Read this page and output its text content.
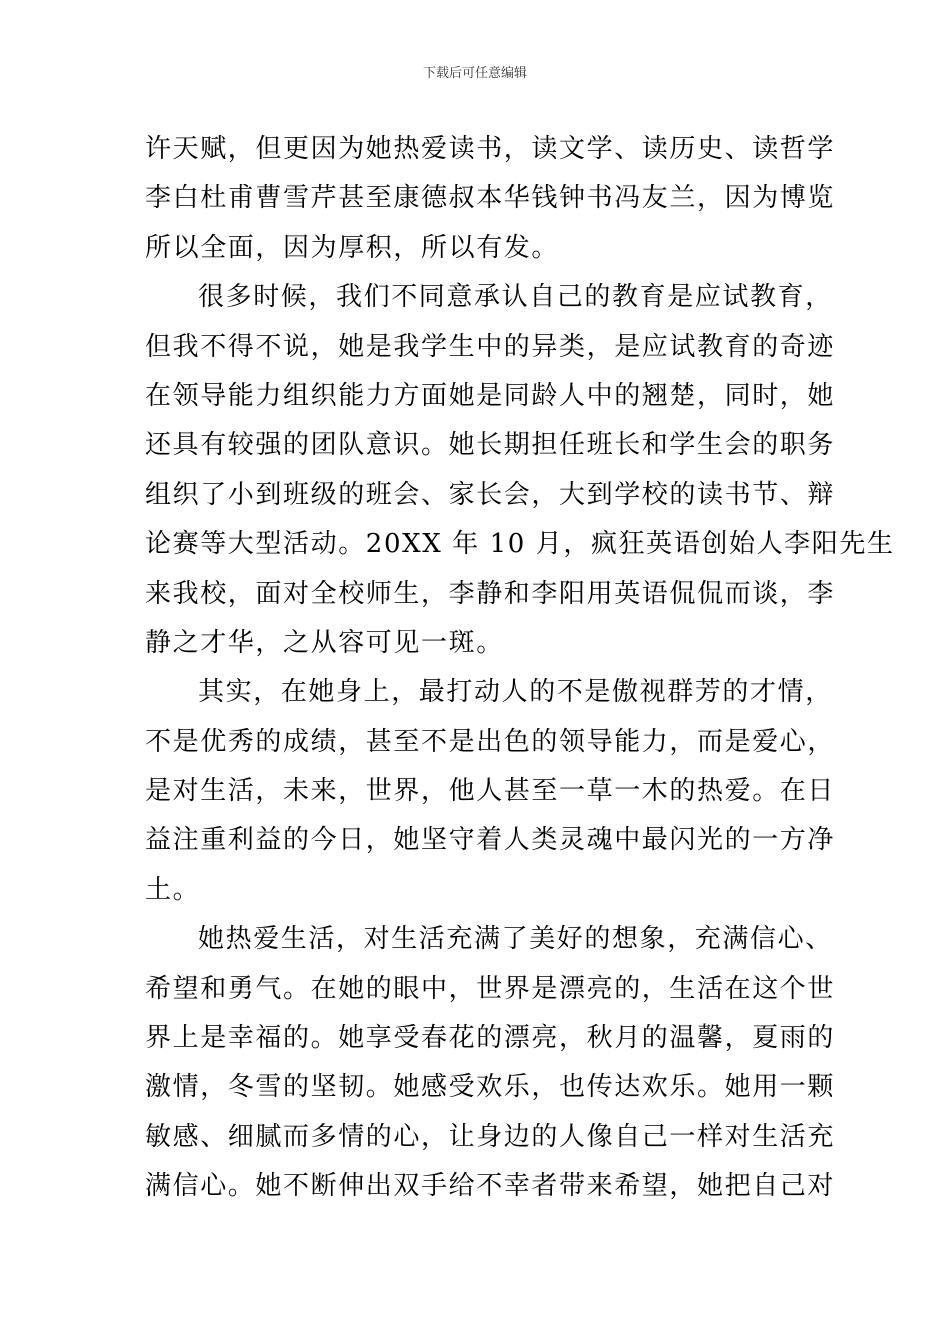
下载后可任意编辑
许天赋，但更因为她热爱读书，读文学、读历史、读哲学
李白杜甫曹雪芹甚至康德叔本华钱钟书冯友兰，因为博览
所以全面，因为厚积，所以有发。
很多时候，我们不同意承认自己的教育是应试教育，
但我不得不说，她是我学生中的异类，是应试教育的奇迹
在领导能力组织能力方面她是同龄人中的翘楚，同时，她
还具有较强的团队意识。她长期担任班长和学生会的职务
组织了小到班级的班会、家长会，大到学校的读书节、辩
论赛等大型活动。20XX 年 10 月，疯狂英语创始人李阳先生
来我校，面对全校师生，李静和李阳用英语侃侃而谈，李
静之才华，之从容可见一斑。
其实，在她身上，最打动人的不是傲视群芳的才情，
不是优秀的成绩，甚至不是出色的领导能力，而是爱心，
是对生活，未来，世界，他人甚至一草一木的热爱。在日
益注重利益的今日，她坚守着人类灵魂中最闪光的一方净
土。
她热爱生活，对生活充满了美好的想象，充满信心、
希望和勇气。在她的眼中，世界是漂亮的，生活在这个世
界上是幸福的。她享受春花的漂亮，秋月的温馨，夏雨的
激情，冬雪的坚韧。她感受欢乐，也传达欢乐。她用一颗
敏感、细腻而多情的心，让身边的人像自己一样对生活充
满信心。她不断伸出双手给不幸者带来希望，她把自己对
